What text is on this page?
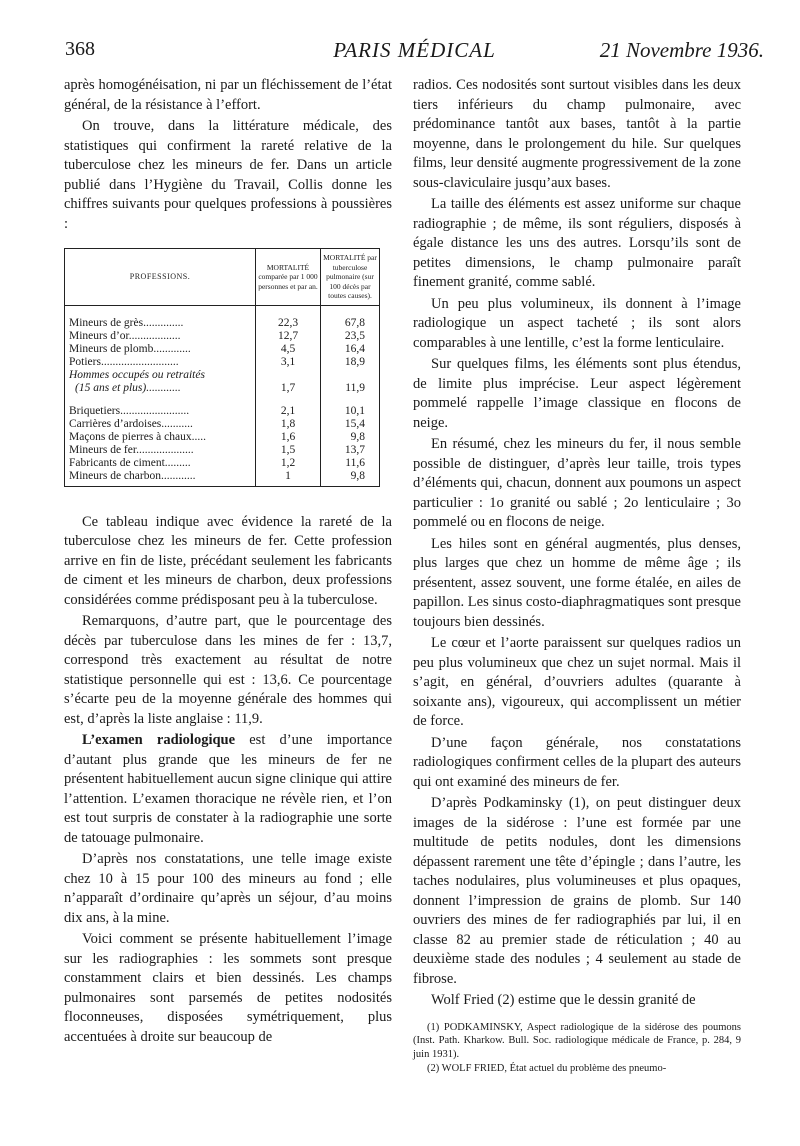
368	PARIS MÉDICAL	21 Novembre 1936.

après homogénéisation, ni par un fléchissement de l’état général, de la résistance à l’effort.

On trouve, dans la littérature médicale, des statistiques qui confirment la rareté relative de la tuberculose chez les mineurs de fer. Dans un article publié dans l’Hygiène du Travail, Collis donne les chiffres suivants pour quelques professions à poussières :

PROFESSIONS.	MORTALITÉ comparée par 1 000 personnes et par an.	MORTALITÉ par tuberculose pulmonaire (sur 100 décès par toutes causes).

Mineurs de grès..............	22,3	67,8
Mineurs d’or..................	12,7	23,5
Mineurs de plomb.............	4,5	16,4
Potiers...........................	3,1	18,9
Hommes occupés ou retraités
(15 ans et plus)............	1,7	11,9

Briquetiers........................	2,1	10,1
Carrières d’ardoises...........	1,8	15,4
Maçons de pierres à chaux.....	1,6	9,8
Mineurs de fer....................	1,5	13,7
Fabricants de ciment.........	1,2	11,6
Mineurs de charbon............	1	9,8

Ce tableau indique avec évidence la rareté de la tuberculose chez les mineurs de fer. Cette profession arrive en fin de liste, précédant seulement les fabricants de ciment et les mineurs de charbon, deux professions considérées comme prédisposant peu à la tuberculose.

Remarquons, d’autre part, que le pourcentage des décès par tuberculose dans les mines de fer : 13,7, correspond très exactement au résultat de notre statistique personnelle qui est : 13,6. Ce pourcentage s’écarte peu de la moyenne générale des hommes qui est, d’après la liste anglaise : 11,9.

L’examen radiologique est d’une importance d’autant plus grande que les mineurs de fer ne présentent habituellement aucun signe clinique qui attire l’attention. L’examen thoracique ne révèle rien, et l’on est tout surpris de constater à la radiographie une sorte de tatouage pulmonaire.

D’après nos constatations, une telle image existe chez 10 à 15 pour 100 des mineurs au fond ; elle n’apparaît d’ordinaire qu’après un séjour, d’au moins dix ans, à la mine.

Voici comment se présente habituellement l’image sur les radiographies : les sommets sont presque constamment clairs et bien dessinés. Les champs pulmonaires sont parsemés de petites nodosités floconneuses, disposées symétriquement, plus accentuées à droite sur beaucoup de

radios. Ces nodosités sont surtout visibles dans les deux tiers inférieurs du champ pulmonaire, avec prédominance tantôt aux bases, tantôt à la partie moyenne, dans le prolongement du hile. Sur quelques films, leur densité augmente progressivement de la zone sous-claviculaire jusqu’aux bases.

La taille des éléments est assez uniforme sur chaque radiographie ; de même, ils sont réguliers, disposés à égale distance les uns des autres. Lorsqu’ils sont de petites dimensions, le champ pulmonaire paraît finement granité, comme sablé.

Un peu plus volumineux, ils donnent à l’image radiologique un aspect tacheté ; ils sont alors comparables à une lentille, c’est la forme lenticulaire.

Sur quelques films, les éléments sont plus étendus, de limite plus imprécise. Leur aspect légèrement pommelé rappelle l’image classique en flocons de neige.

En résumé, chez les mineurs du fer, il nous semble possible de distinguer, d’après leur taille, trois types d’éléments qui, chacun, donnent aux poumons un aspect particulier : 1o granité ou sablé ; 2o lenticulaire ; 3o pommelé ou en flocons de neige.

Les hiles sont en général augmentés, plus denses, plus larges que chez un homme de même âge ; ils présentent, assez souvent, une forme étalée, en ailes de papillon. Les sinus costo-diaphragmatiques sont presque toujours bien dessinés.

Le cœur et l’aorte paraissent sur quelques radios un peu plus volumineux que chez un sujet normal. Mais il s’agit, en général, d’ouvriers adultes (quarante à soixante ans), vigoureux, qui accomplissent un métier de force.

D’une façon générale, nos constatations radiologiques confirment celles de la plupart des auteurs qui ont examiné des mineurs de fer.

D’après Podkaminsky (1), on peut distinguer deux images de la sidérose : l’une est formée par une multitude de petits nodules, dont les dimensions dépassent rarement une tête d’épingle ; dans l’autre, les taches nodulaires, plus volumineuses et plus opaques, donnent l’impression de grains de plomb. Sur 140 ouvriers des mines de fer radiographiés par lui, il en classe 82 au premier stade de réticulation ; 40 au deuxième stade des nodules ; 4 seulement au stade de fibrose.

Wolf Fried (2) estime que le dessin granité de

(1) PODKAMINSKY, Aspect radiologique de la sidérose des poumons (Inst. Path. Kharkow. Bull. Soc. radiologique médicale de France, p. 284, 9 juin 1931).

(2) WOLF FRIED, État actuel du problème des pneumo-
